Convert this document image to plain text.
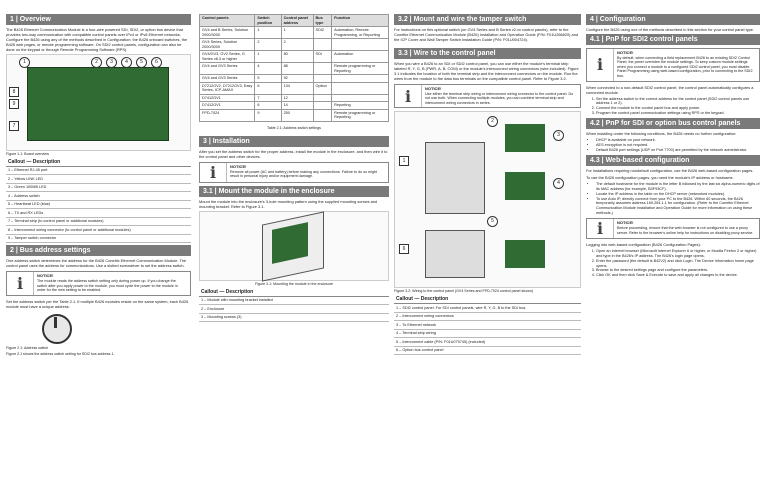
1 | Overview
The B426 Ethernet Communication Module is a four-wire powered SDI, SDI2, or option bus device that provides two-way communication with compatible control panels over IPv4 or IPv6 Ethernet networks. Configure the B426 using any of the methods described in Configuration: the B426 onboard switches, the B426 web pages, or remote programming software. On SDI2 control panels, configuration can also be done on the keypad or through Remote Programming Software (RPS).
1	2	3	4	5	6
8
9
7
Figure 1.1: Board overview
Callout — Description
1 – Ethernet RJ-45 port
2 – Yellow LINK LED
3 – Green 100MB LED
4 – Address switch
5 – Heartbeat LED (blue)
6 – TX and RX LEDs
7 – Terminal strip (to control panel or additional modules)
8 – Interconnect wiring connector (to control panel or additional modules)
9 – Tamper switch connector
2 | Bus address settings
One address switch determines the address for the B426 Conettix Ethernet Communication Module. The control panel uses the address for communications. Use a slotted screwdriver to set the address switch.
i	NOTICE!
The module reads the address switch setting only during power up. If you change the switch after you apply power to the module, you must cycle the power to the module in order for the new setting to be enabled.
Set the address switch per the Table 2.1. If multiple B426 modules reside on the same system, each B426 module must have a unique address.
Figure 2.1: Address switch
Figure 2.1 shows the address switch setting for SDI2 bus address 1.
Control panels	Switch position	Control panel address	Bus type	Function
GV4 and B Series, Solution 2000/3000	1	1	SDI2	Automation, Remote Programming, or Reporting
GV4 Series, Solution 2000/3000	2	2		
GV4/GV3, GV2 Series, G Series v8.3 or higher	1	80	SDI	Automation
GV4 and GV3 Series	4	88		Remote programming or Reporting
GV4 and GV3 Series	5	92		
D7212GV2, D7212GV3, Easy Series, ICP-AMAX	6	134	Option	
D7412GV1	7	12		
D7412GV1	8	14		Reporting
FPD-7024	9	250		Remote programming or Reporting
Table 2.1: Address switch settings
3 | Installation
After you set the address switch for the proper address, install the module in the enclosure, and then wire it to the control panel and other devices.
i	NOTICE!
Remove all power (AC and battery) before making any connections. Failure to do so might result in personal injury and/or equipment damage.
3.1 | Mount the module in the enclosure
Mount the module into the enclosure's 3-hole mounting pattern using the supplied mounting screws and mounting bracket. Refer to Figure 3.1.
Figure 3.1: Mounting the module in the enclosure
Callout — Description
1 – Module with mounting bracket installed
2 – Enclosure
3 – Mounting screws (3)
3.2 | Mount and wire the tamper switch
For instructions on this optional switch (on GV4 Series and B Series v2.xx control panels), refer to the Conettix Ethernet Communication Module (B426) Installation and Operation Guide (P/N: F01U266820) and the ICP Cover and Wall Tamper Switch Installation Guide (P/N: F01U004724).
3.3 | Wire to the control panel
When you wire a B426 to an SDI or SDI2 control panel, you can use either the module's terminal strip labeled R, Y, G, B (PWR, A, B, COM) or the module's interconnect wiring connectors (wire included). Figure 3.1 indicates the location of both the terminal strip and the interconnect connectors on the module. Run the wires from the module to the data bus terminals on the compatible control panel. Refer to Figure 3.2.
i	NOTICE!
Use either the terminal strip wiring or interconnect wiring connector to the control panel. Do not use both. When connecting multiple modules, you can combine terminal strip and interconnect wiring connectors in series.
1
2
3
4
5
6
Figure 3.2: Wiring to the control panel (GV4 Series and FPD-7024 control panel shown)
Callout — Description
1 – SDI2 control panel. For SDI control panels, wire R, Y, G, B to the SDI bus.
2 – Interconnect wiring connectors
3 – To Ethernet network
4 – Terminal strip wiring
5 – Interconnect cable (P/N: F01U079745) (included)
6 – Option bus control panel
4 | Configuration
Configure the B426 using one of the methods described in this section for your control panel type.
4.1 | PnP for SDI2 control panels
i
NOTICE!
By default, when connecting a field replacement B426 to an existing SDI2 Control Panel, the panel overrides the module settings. To keep custom module settings when you connect a module to a configured SDI2 control panel, you must disable Panel Programming using web-based configuration, prior to connecting to the SDI2 bus.
When connected to a non-default SDI2 control panel, the control panel automatically configures a connected module.
1. Set the address switch to the correct address for the control panel (SDI2 control panels use address 1 or 2).
2. Connect the module to the control panel bus and apply power.
3. Program the control panel communication settings using RPS or the keypad.
4.2 | PnP for SDI or option bus control panels
When installing under the following conditions, the B426 needs no further configuration:
• DHCP is available on your network.
• AES encryption is not required.
• Default B426 port settings (UDP on Port 7700) are permitted by the network administrator.
4.3 | Web-based configuration
For installations requiring nondefault configuration, use the B426 web-based configuration pages.
To use the B426 configuration pages, you need the module's IP address or hostname.
• The default hostname for the module is the letter B followed by the last six alpha-numeric digits of its MAC address (for example, B3F93CF).
• Locate the IP address in the table on the DHCP server (networked modules).
• To use Auto IP, directly connect from your PC to the B426. Within 60 seconds, the B426 temporarily assumes address 169.254.1.1 for configuration. (Refer to the Conettix Ethernet Communication Module Installation and Operation Guide for more information on using these methods.)
i	NOTICE!
Before proceeding, ensure that the web browser is not configured to use a proxy server. Refer to the browser's online help for instructions on disabling proxy service.
Logging into web-based configuration (B426 Configuration Pages):
1. Open an Internet browser (Microsoft Internet Explorer 6 or higher, or Mozilla Firefox 2 or higher) and type in the B426's IP address. The B426's login page opens.
2. Enter the password (the default is B42V2) and click Login. The Device Information home page opens.
3. Browse to the desired settings page and configure the parameters.
4. Click OK and then click Save & Execute to save and apply all changes to the device.
